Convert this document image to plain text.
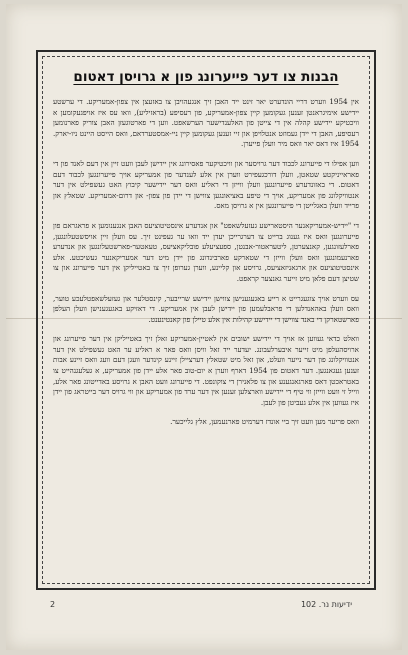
הבנות צו דער פייערונג פון א גרויסן דאטום

אין 1954 ווערט דריי הונדערט יאר זינט ייד האבן זיך אנגעהויבן צו באזעצן אין צפון-אמעריקע. די ערשטע יידישע אימיגראנטן זענען געקומען קיין צפון-אמעריקע, פון רעסיפע (בראזיליע), וואו עס איז אויפגעקומען א וויכטיקע יידישע קהלה אין די צייטן פון האלענדישער הערשאפט. ווען די פארטוגעזן האבן צוריק פארנומען רעסיפע, האבן די יידן געמוזט אנטלויפן און זיי זענען געקומען קיין ניי-אמסטערדאם, וואס הייסט היינט ניו-יארק. 1954 איז דאס יאר וואס מיר וועלן פייערן.

ווען אפילו די פייערונג לכבוד דער גרויסער און וויכטיקער פאסירונג אין יידישן לעבן וועט זיין אין דעם לאנד פון די פאראייניקטע שטאטן, וועלן דורכגעפירט ווערן אין אלע לענדער פון אמעריקע אויך פייערונגען לכבוד דעם דאטום. די באזונדערע פייערונגען וועלן ווייזן די ראליע וואס דער יידישער קיבוץ האט געשפילט אין דער אנטוויקלונג פון אמעריקע, אויך די טיפע באציאונגען צווישן די יידן פון צפון- און דרום-אמעריקע. שטאלץ און פרייד וועלן באגלייטן די פייערונגען אין א גרויסן מאס.

די "יידיש-אמעריקאנער היסטארישע געזעלשאפט" און אנדערע אינסטיטוציעס האבן אנגענומען א פראגראם פון פייערונגען וואס איז גענוג ברייט צו דערגרייכן יעדן ייד וואו ער געפינט זיך. עס וועלן זיין אויסשטעלונגען, פארלעזונגען, קאנצערטן, ליטעראטור-אבנטן, ספעציעלע פובליקאציעס, טעאטער-פארשטעלונגען און אנדערע פארנעמונגען וואס וועלן ווייזן די שטארקע פארבינדונג פון יידן מיט דער אמעריקאנער געשיכטע. אלע אינסטיטוציעס און ארגאניזאציעס, גרויסע און קליינע, ווערן גערופן זיך צו באטייליקן אין דער פייערונג און צו שטיצן דעם פלאן מיט זייער גאנצער קראפט.

עס ווערט אויך צוגעגרייט א רייע באגעגענישן צווישן יידישע שרייבער, קינסטלער און געזעלשאפטלעכע טוער, וואס וועלן באהאנדלען די פראבלעמען פון יידישן לעבן אין אמעריקע. די דאזיקע באגעגענישן וועלן העלפן פארשטארקן די באנד צווישן די יידישע קהילות אין אלע טיילן פון קאנטינענט.

וואלט כדאי געווען אז אויך די יידישע ישובים אין לאטיין-אמעריקע זאלן זיך באטייליקן אין דער פייערונג און ארויסהעלפן מיט זייער איבערלעבונג. יעדער ייד זאל וויסן וואס פאר א ראליע ער האט געשפילט אין דער אנטוויקלונג פון דער נייער וועלט, און זאל מיט שטאלץ דערציילן זיינע קינדער וועגן דעם וועג וואס זיינע אבות זענען געגאנגען. דער דאטום פון 1954 דארף ווערן א יום-טוב פאר אלע יידן פון אמעריקע, א געלעגנהייט צו באטראכטן דאס פארגאנגענע און צו פלאנירן די צוקונפט. די פייערונג וועט האבן א גרויסע באדייטונג פאר אלע, ווייל זי וועט ווייזן ווי טיף די יידישע ווארצלען זענען אין דער ערד פון אמעריקע און ווי גרויס דער בייטראג פון יידן איז געווען אין אלע געביטן פון לעבן.

וואס פריער מען וועט זיך ביי אונדז דערמיט פארנעמען, אלץ גלייכער.

2	ידיעות נר. 102
